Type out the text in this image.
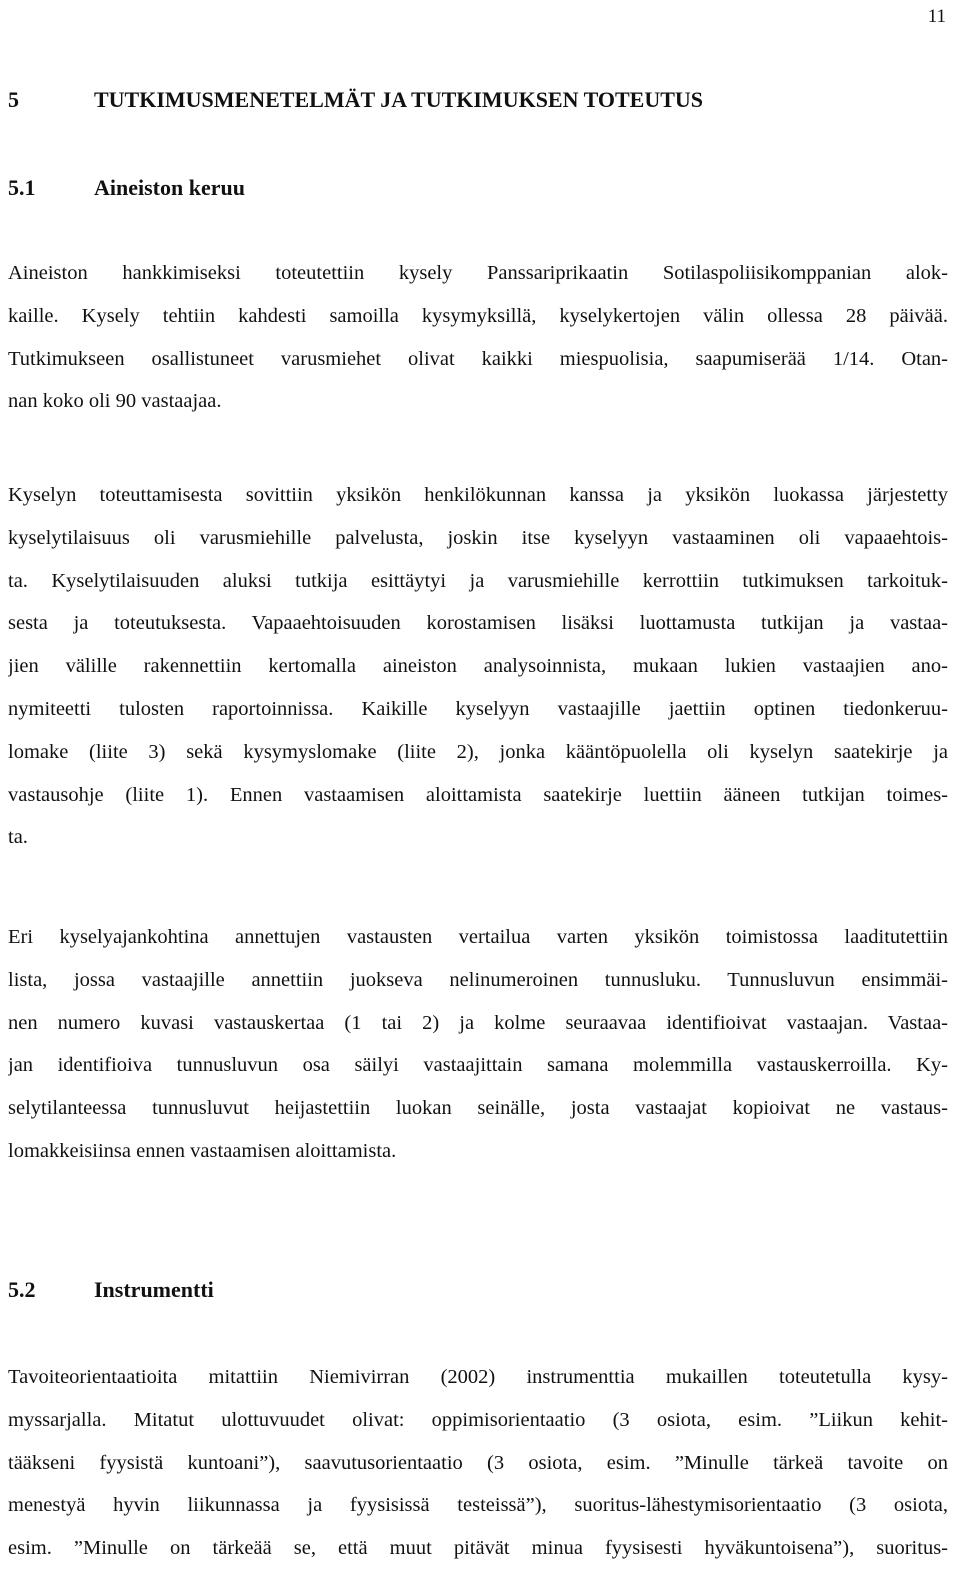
11
5	TUTKIMUSMENETELMÄT JA TUTKIMUKSEN TOTEUTUS
5.1	Aineiston keruu
Aineiston hankkimiseksi toteutettiin kysely Panssariprikaatin Sotilaspoliisikomppanian alok-
kaille. Kysely tehtiin kahdesti samoilla kysymyksillä, kyselykertojen välin ollessa 28 päivää.
Tutkimukseen osallistuneet varusmiehet olivat kaikki miespuolisia, saapumiserää 1/14. Otan-
nan koko oli 90 vastaajaa.
Kyselyn toteuttamisesta sovittiin yksikön henkilökunnan kanssa ja yksikön luokassa järjestetty
kyselytilaisuus oli varusmiehille palvelusta, joskin itse kyselyyn vastaaminen oli vapaaehtois-
ta. Kyselytilaisuuden aluksi tutkija esittäytyi ja varusmiehille kerrottiin tutkimuksen tarkoituk-
sesta ja toteutuksesta. Vapaaehtoisuuden korostamisen lisäksi luottamusta tutkijan ja vastaa-
jien välille rakennettiin kertomalla aineiston analysoinnista, mukaan lukien vastaajien ano-
nymiteetti tulosten raportoinnissa. Kaikille kyselyyn vastaajille jaettiin optinen tiedonkeruu-
lomake (liite 3) sekä kysymyslomake (liite 2), jonka kääntöpuolella oli kyselyn saatekirje ja
vastausohje (liite 1). Ennen vastaamisen aloittamista saatekirje luettiin ääneen tutkijan toimes-
ta.
Eri kyselyajankohtina annettujen vastausten vertailua varten yksikön toimistossa laaditutettiin
lista, jossa vastaajille annettiin juokseva nelinumeroinen tunnusluku. Tunnusluvun ensimmäi-
nen numero kuvasi vastauskertaa (1 tai 2) ja kolme seuraavaa identifioivat vastaajan. Vastaa-
jan identifioiva tunnusluvun osa säilyi vastaajittain samana molemmilla vastauskerroilla. Ky-
selytilanteessa tunnusluvut heijastettiin luokan seinälle, josta vastaajat kopioivat ne vastaus-
lomakkeisiinsa ennen vastaamisen aloittamista.
5.2	Instrumentti
Tavoiteorientaatioita mitattiin Niemivirran (2002) instrumenttia mukaillen toteutetulla kysy-
myssarjalla. Mitatut ulottuvuudet olivat: oppimisorientaatio (3 osiota, esim. ”Liikun kehit-
tääkseni fyysistä kuntoani”), saavutusorientaatio (3 osiota, esim. ”Minulle tärkeä tavoite on
menestyä hyvin liikunnassa ja fyysisissä testeissä”), suoritus-lähestymisorientaatio (3 osiota,
esim. ”Minulle on tärkeää se, että muut pitävät minua fyysisesti hyväkuntoisena”), suoritus-
